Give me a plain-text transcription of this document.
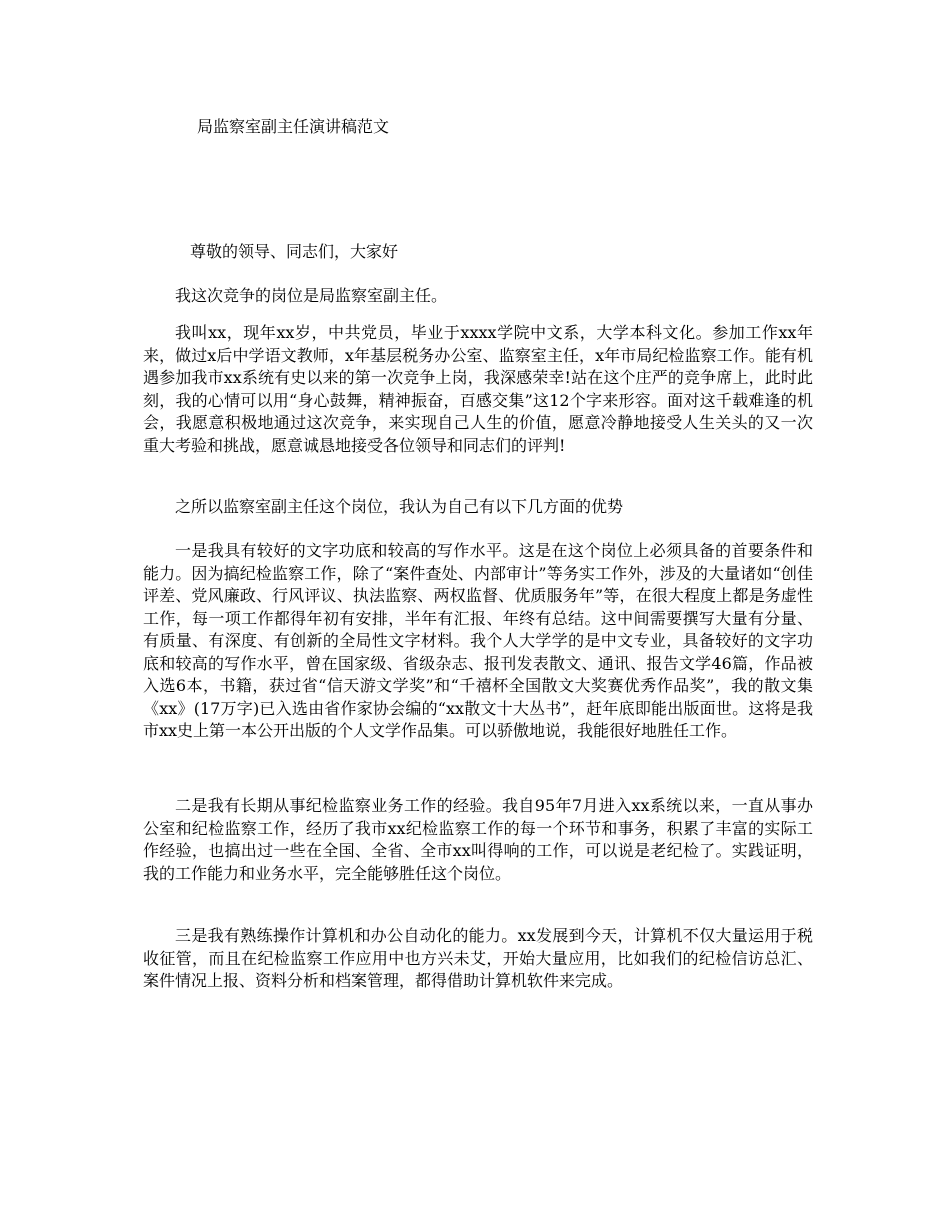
局监察室副主任演讲稿范文
尊敬的领导、同志们，大家好

我这次竞争的岗位是局监察室副主任。

我叫xx，现年xx岁，中共党员，毕业于xxxx学院中文系，大学本科文化。参加工作xx年来，做过x后中学语文教师，x年基层税务办公室、监察室主任，x年市局纪检监察工作。能有机遇参加我市xx系统有史以来的第一次竞争上岗，我深感荣幸!站在这个庄严的竞争席上，此时此刻，我的心情可以用“身心鼓舞，精神振奋，百感交集”这12个字来形容。面对这千载难逢的机会，我愿意积极地通过这次竞争，来实现自己人生的价值，愿意冷静地接受人生关头的又一次重大考验和挑战，愿意诚恳地接受各位领导和同志们的评判!

之所以监察室副主任这个岗位，我认为自己有以下几方面的优势

一是我具有较好的文字功底和较高的写作水平。这是在这个岗位上必须具备的首要条件和能力。因为搞纪检监察工作，除了“案件查处、内部审计”等务实工作外，涉及的大量诸如“创佳评差、党风廉政、行风评议、执法监察、两权监督、优质服务年”等，在很大程度上都是务虚性工作，每一项工作都得年初有安排，半年有汇报、年终有总结。这中间需要撰写大量有分量、有质量、有深度、有创新的全局性文字材料。我个人大学学的是中文专业，具备较好的文字功底和较高的写作水平，曾在国家级、省级杂志、报刊发表散文、通讯、报告文学46篇，作品被入选6本，书籍，获过省“信天游文学奖”和“千禧杯全国散文大奖赛优秀作品奖”，我的散文集《xx》(17万字)已入选由省作家协会编的“xx散文十大丛书”，赶年底即能出版面世。这将是我市xx史上第一本公开出版的个人文学作品集。可以骄傲地说，我能很好地胜任工作。

二是我有长期从事纪检监察业务工作的经验。我自95年7月进入xx系统以来，一直从事办公室和纪检监察工作，经历了我市xx纪检监察工作的每一个环节和事务，积累了丰富的实际工作经验，也搞出过一些在全国、全省、全市xx叫得响的工作，可以说是老纪检了。实践证明，我的工作能力和业务水平，完全能够胜任这个岗位。

三是我有熟练操作计算机和办公自动化的能力。xx发展到今天，计算机不仅大量运用于税收征管，而且在纪检监察工作应用中也方兴未艾，开始大量应用，比如我们的纪检信访总汇、案件情况上报、资料分析和档案管理，都得借助计算机软件来完成。
